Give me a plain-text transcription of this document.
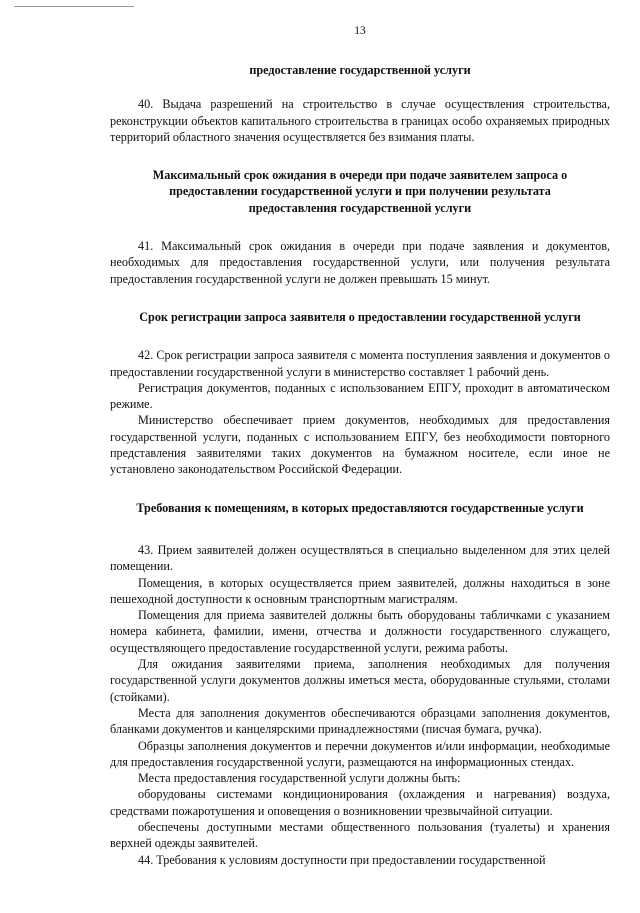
13
предоставление государственной услуги

40. Выдача разрешений на строительство в случае осуществления строительства, реконструкции объектов капитального строительства в границах особо охраняемых природных территорий областного значения осуществляется без взимания платы.

Максимальный срок ожидания в очереди при подаче заявителем запроса о предоставлении государственной услуги и при получении результата предоставления государственной услуги

41. Максимальный срок ожидания в очереди при подаче заявления и документов, необходимых для предоставления государственной услуги, или получения результата предоставления государственной услуги не должен превышать 15 минут.

Срок регистрации запроса заявителя о предоставлении государственной услуги

42. Срок регистрации запроса заявителя с момента поступления заявления и документов о предоставлении государственной услуги в министерство составляет 1 рабочий день.

Регистрация документов, поданных с использованием ЕПГУ, проходит в автоматическом режиме.

Министерство обеспечивает прием документов, необходимых для предоставления государственной услуги, поданных с использованием ЕПГУ, без необходимости повторного представления заявителями таких документов на бумажном носителе, если иное не установлено законодательством Российской Федерации.

Требования к помещениям, в которых предоставляются государственные услуги

43. Прием заявителей должен осуществляться в специально выделенном для этих целей помещении.

Помещения, в которых осуществляется прием заявителей, должны находиться в зоне пешеходной доступности к основным транспортным магистралям.

Помещения для приема заявителей должны быть оборудованы табличками с указанием номера кабинета, фамилии, имени, отчества и должности государственного служащего, осуществляющего предоставление государственной услуги, режима работы.

Для ожидания заявителями приема, заполнения необходимых для получения государственной услуги документов должны иметься места, оборудованные стульями, столами (стойками).

Места для заполнения документов обеспечиваются образцами заполнения документов, бланками документов и канцелярскими принадлежностями (писчая бумага, ручка).

Образцы заполнения документов и перечни документов и/или информации, необходимые для предоставления государственной услуги, размещаются на информационных стендах.

Места предоставления государственной услуги должны быть:

оборудованы системами кондиционирования (охлаждения и нагревания) воздуха, средствами пожаротушения и оповещения о возникновении чрезвычайной ситуации.

обеспечены доступными местами общественного пользования (туалеты) и хранения верхней одежды заявителей.

44. Требования к условиям доступности при предоставлении государственной
